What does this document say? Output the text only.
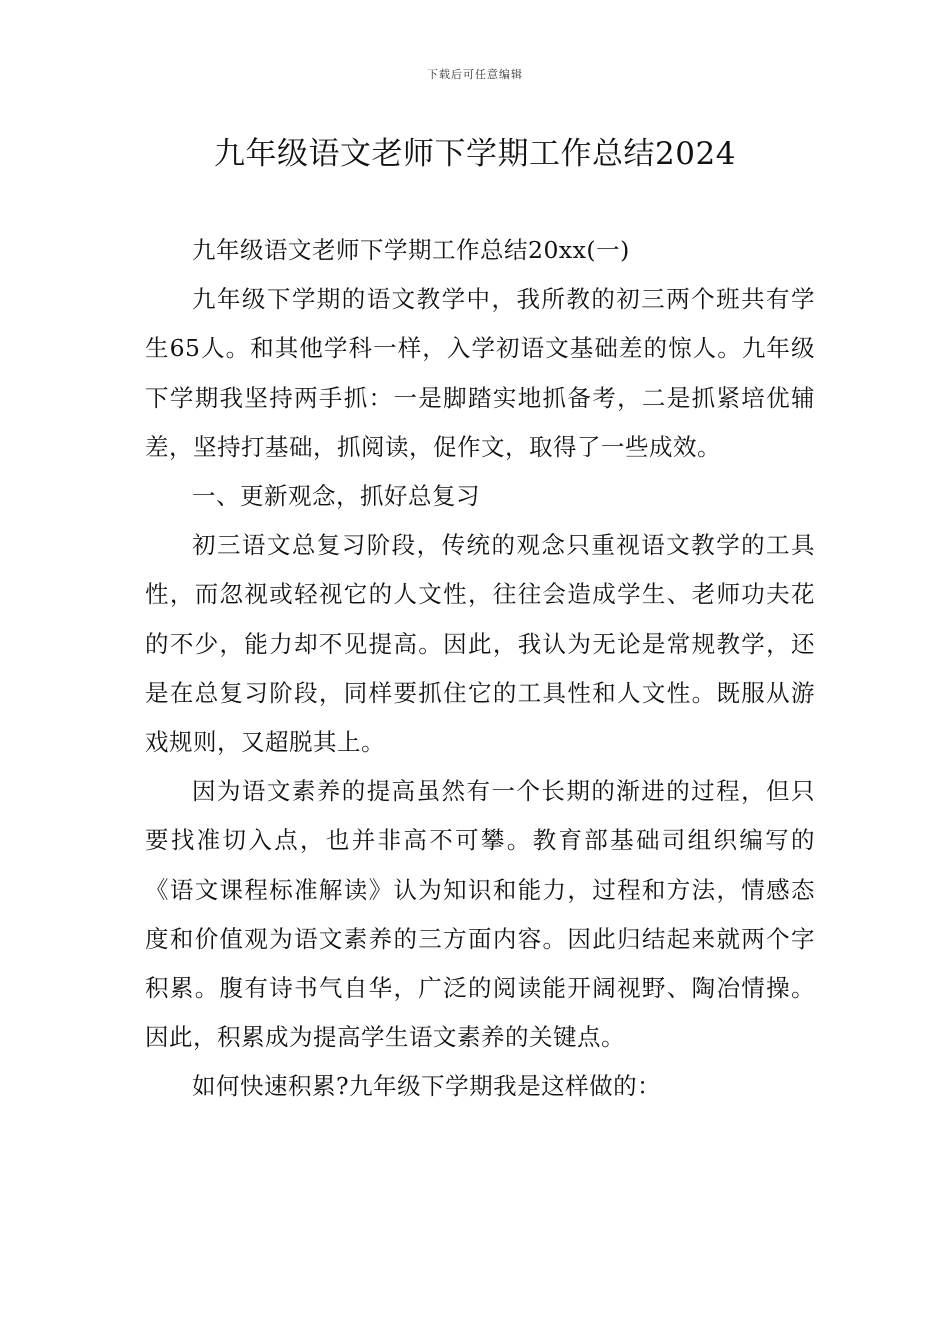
下载后可任意编辑
九年级语文老师下学期工作总结2024

九年级语文老师下学期工作总结20xx(一)

九年级下学期的语文教学中，我所教的初三两个班共有学生65人。和其他学科一样，入学初语文基础差的惊人。九年级下学期我坚持两手抓：一是脚踏实地抓备考，二是抓紧培优辅差，坚持打基础，抓阅读，促作文，取得了一些成效。

一、更新观念，抓好总复习

初三语文总复习阶段，传统的观念只重视语文教学的工具性，而忽视或轻视它的人文性，往往会造成学生、老师功夫花的不少，能力却不见提高。因此，我认为无论是常规教学，还是在总复习阶段，同样要抓住它的工具性和人文性。既服从游戏规则，又超脱其上。

因为语文素养的提高虽然有一个长期的渐进的过程，但只要找准切入点，也并非高不可攀。教育部基础司组织编写的《语文课程标准解读》认为知识和能力，过程和方法，情感态度和价值观为语文素养的三方面内容。因此归结起来就两个字积累。腹有诗书气自华，广泛的阅读能开阔视野、陶冶情操。因此，积累成为提高学生语文素养的关键点。

如何快速积累?九年级下学期我是这样做的：
